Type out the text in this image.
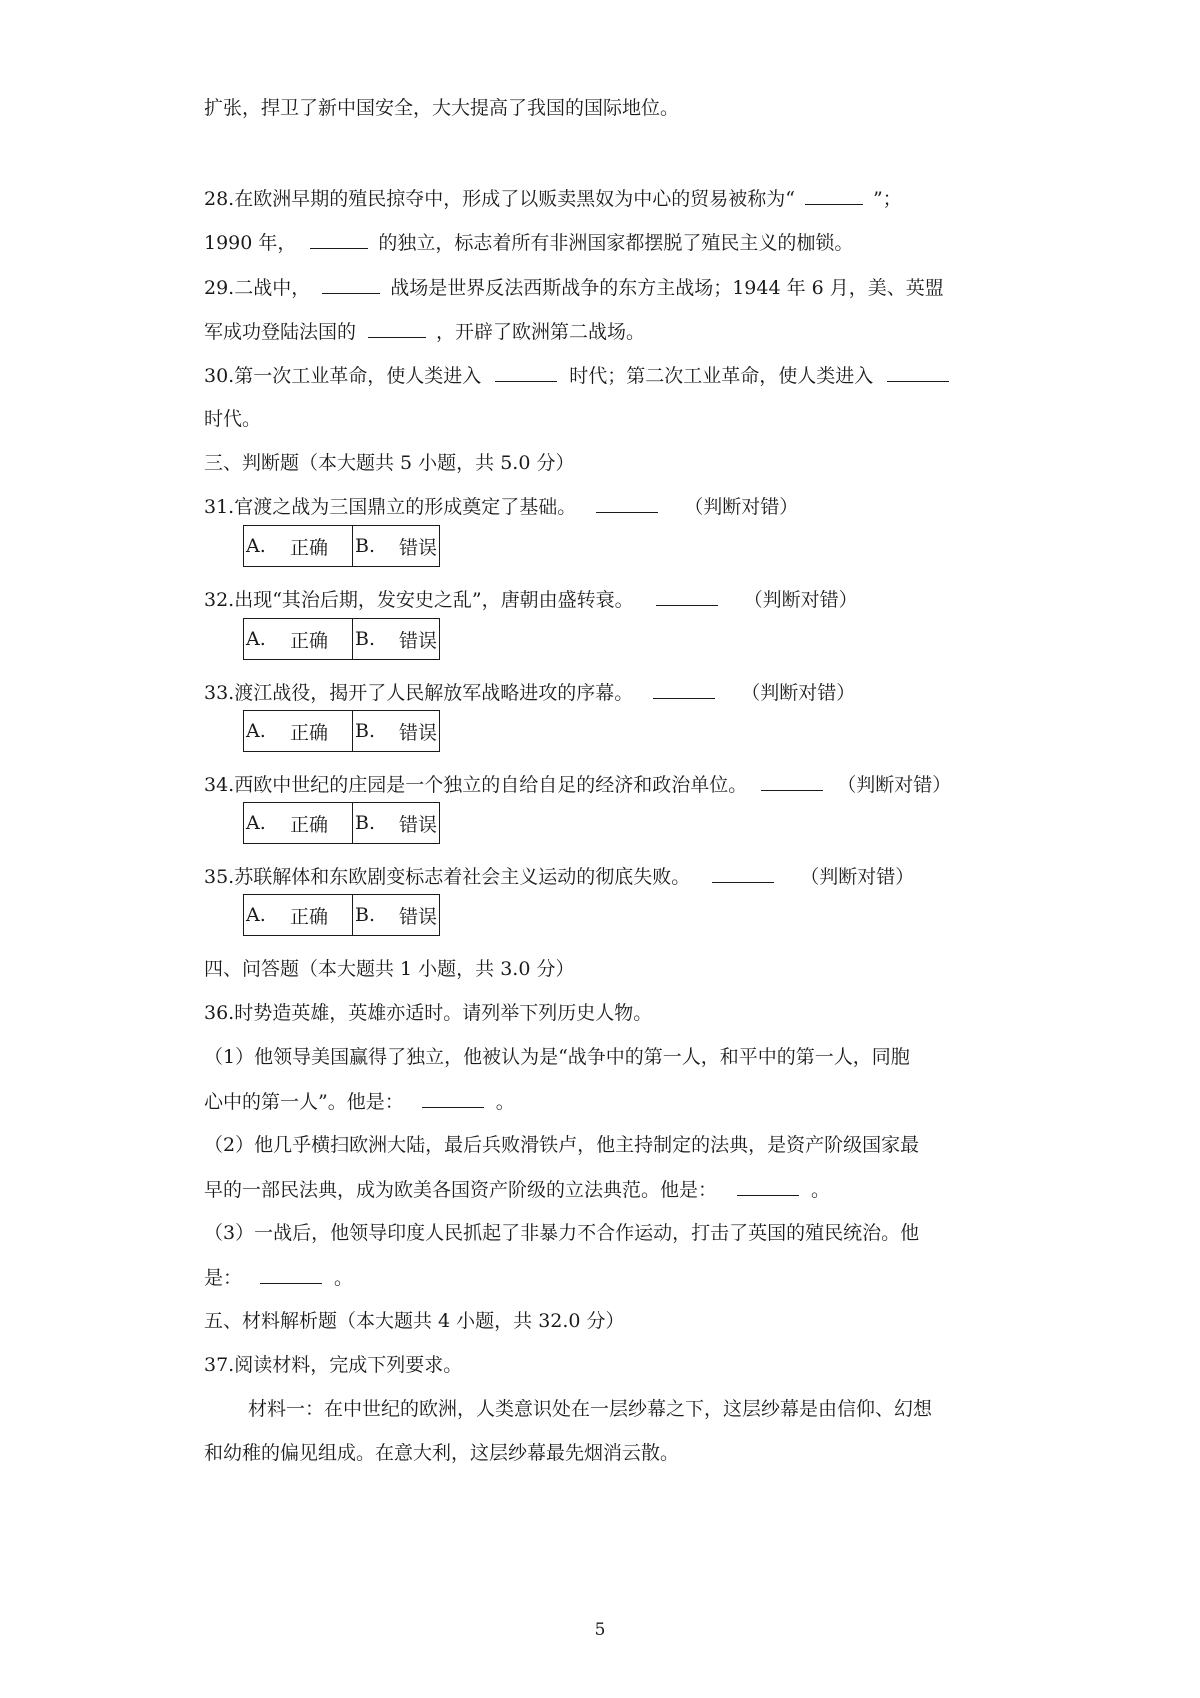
扩张，捍卫了新中国安全，大大提高了我国的国际地位。
28.在欧洲早期的殖民掠夺中，形成了以贩卖黑奴为中心的贸易被称为“	”；
1990 年，	的独立，标志着所有非洲国家都摆脱了殖民主义的枷锁。
29.二战中，	战场是世界反法西斯战争的东方主战场；1944 年 6 月，美、英盟
军成功登陆法国的	，开辟了欧洲第二战场。
30.第一次工业革命，使人类进入	时代；第二次工业革命，使人类进入
时代。
三、判断题（本大题共 5 小题，共 5.0 分）
31.官渡之战为三国鼎立的形成奠定了基础。	（判断对错）
A.	正确 B.	错误
32.出现“其治后期，发安史之乱”，唐朝由盛转衰。	（判断对错）
A.	正确 B.	错误
33.渡江战役，揭开了人民解放军战略进攻的序幕。	（判断对错）
A.	正确 B.	错误
34.西欧中世纪的庄园是一个独立的自给自足的经济和政治单位。	（判断对错）
A.	正确 B.	错误
35.苏联解体和东欧剧变标志着社会主义运动的彻底失败。	（判断对错）
A.	正确 B.	错误
四、问答题（本大题共 1 小题，共 3.0 分）
36.时势造英雄，英雄亦适时。请列举下列历史人物。
（1）他领导美国赢得了独立，他被认为是“战争中的第一人，和平中的第一人，同胞
心中的第一人”。他是：	。
（2）他几乎横扫欧洲大陆，最后兵败滑铁卢，他主持制定的法典，是资产阶级国家最
早的一部民法典，成为欧美各国资产阶级的立法典范。他是：	。
（3）一战后，他领导印度人民抓起了非暴力不合作运动，打击了英国的殖民统治。他
是：	。
五、材料解析题（本大题共 4 小题，共 32.0 分）
37.阅读材料，完成下列要求。
材料一：在中世纪的欧洲，人类意识处在一层纱幕之下，这层纱幕是由信仰、幻想
和幼稚的偏见组成。在意大利，这层纱幕最先烟消云散。
5
